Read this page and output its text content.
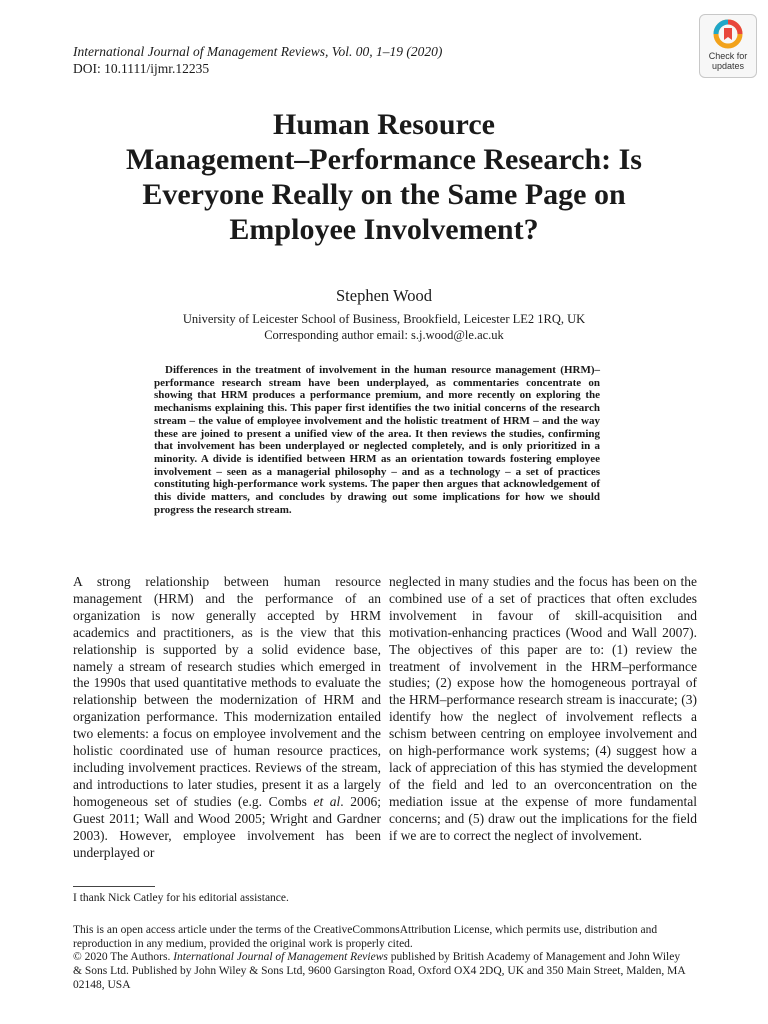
International Journal of Management Reviews, Vol. 00, 1–19 (2020)
DOI: 10.1111/ijmr.12235
Check for
updates
Human Resource
Management–Performance Research: Is
Everyone Really on the Same Page on
Employee Involvement?
Stephen Wood
University of Leicester School of Business, Brookfield, Leicester LE2 1RQ, UK
Corresponding author email: s.j.wood@le.ac.uk
Differences in the treatment of involvement in the human resource management (HRM)–performance research stream have been underplayed, as commentaries concentrate on showing that HRM produces a performance premium, and more recently on exploring the mechanisms explaining this. This paper first identifies the two initial concerns of the research stream – the value of employee involvement and the holistic treatment of HRM – and the way these are joined to present a unified view of the area. It then reviews the studies, confirming that involvement has been underplayed or neglected completely, and is only prioritized in a minority. A divide is identified between HRM as an orientation towards fostering employee involvement – seen as a managerial philosophy – and as a technology – a set of practices constituting high-performance work systems. The paper then argues that acknowledgement of this divide matters, and concludes by drawing out some implications for how we should progress the research stream.
A strong relationship between human resource management (HRM) and the performance of an organization is now generally accepted by HRM academics and practitioners, as is the view that this relationship is supported by a solid evidence base, namely a stream of research studies which emerged in the 1990s that used quantitative methods to evaluate the relationship between the modernization of HRM and organization performance. This modernization entailed two elements: a focus on employee involvement and the holistic coordinated use of human resource practices, including involvement practices. Reviews of the stream, and introductions to later studies, present it as a largely homogeneous set of studies (e.g. Combs et al. 2006; Guest 2011; Wall and Wood 2005; Wright and Gardner 2003). However, employee involvement has been underplayed or
neglected in many studies and the focus has been on the combined use of a set of practices that often excludes involvement in favour of skill-acquisition and motivation-enhancing practices (Wood and Wall 2007). The objectives of this paper are to: (1) review the treatment of involvement in the HRM–performance studies; (2) expose how the homogeneous portrayal of the HRM–performance research stream is inaccurate; (3) identify how the neglect of involvement reflects a schism between centring on employee involvement and on high-performance work systems; (4) suggest how a lack of appreciation of this has stymied the development of the field and led to an overconcentration on the mediation issue at the expense of more fundamental concerns; and (5) draw out the implications for the field if we are to correct the neglect of involvement.
I thank Nick Catley for his editorial assistance.
This is an open access article under the terms of the CreativeCommonsAttribution License, which permits use, distribution and reproduction in any medium, provided the original work is properly cited.
© 2020 The Authors. International Journal of Management Reviews published by British Academy of Management and John Wiley & Sons Ltd. Published by John Wiley & Sons Ltd, 9600 Garsington Road, Oxford OX4 2DQ, UK and 350 Main Street, Malden, MA 02148, USA
